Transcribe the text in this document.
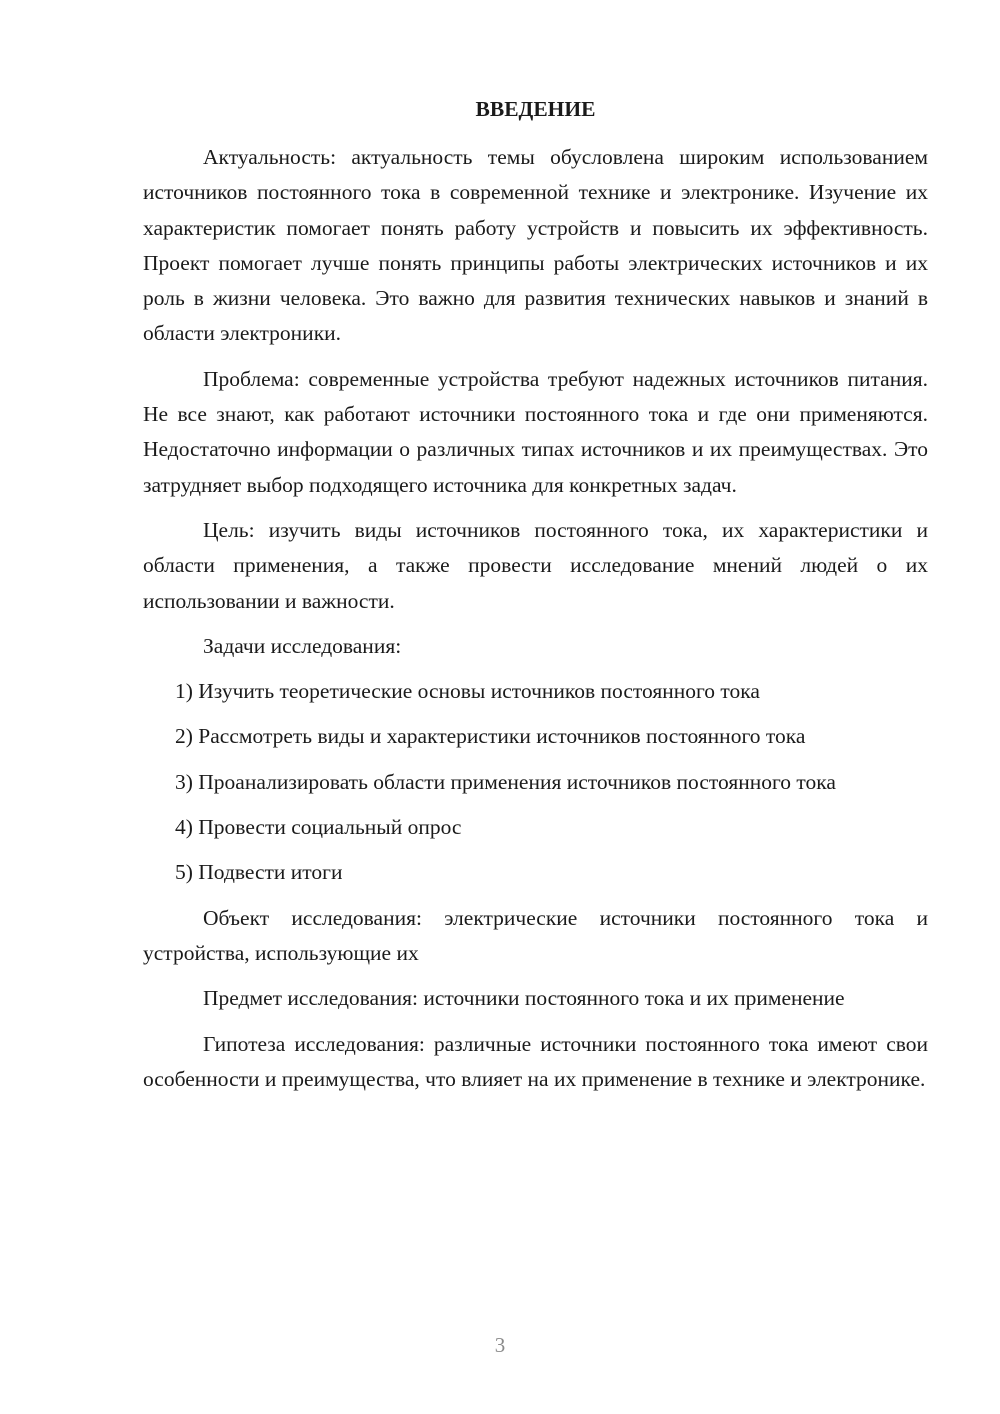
ВВЕДЕНИЕ

Актуальность: актуальность темы обусловлена широким использованием источников постоянного тока в современной технике и электронике. Изучение их характеристик помогает понять работу устройств и повысить их эффективность. Проект помогает лучше понять принципы работы электрических источников и их роль в жизни человека. Это важно для развития технических навыков и знаний в области электроники.

Проблема: современные устройства требуют надежных источников питания. Не все знают, как работают источники постоянного тока и где они применяются. Недостаточно информации о различных типах источников и их преимуществах. Это затрудняет выбор подходящего источника для конкретных задач.

Цель: изучить виды источников постоянного тока, их характеристики и области применения, а также провести исследование мнений людей о их использовании и важности.

Задачи исследования:

1) Изучить теоретические основы источников постоянного тока

2) Рассмотреть виды и характеристики источников постоянного тока

3) Проанализировать области применения источников постоянного тока

4) Провести социальный опрос

5) Подвести итоги

Объект исследования: электрические источники постоянного тока и устройства, использующие их

Предмет исследования: источники постоянного тока и их применение

Гипотеза исследования: различные источники постоянного тока имеют свои особенности и преимущества, что влияет на их применение в технике и электронике.

3
